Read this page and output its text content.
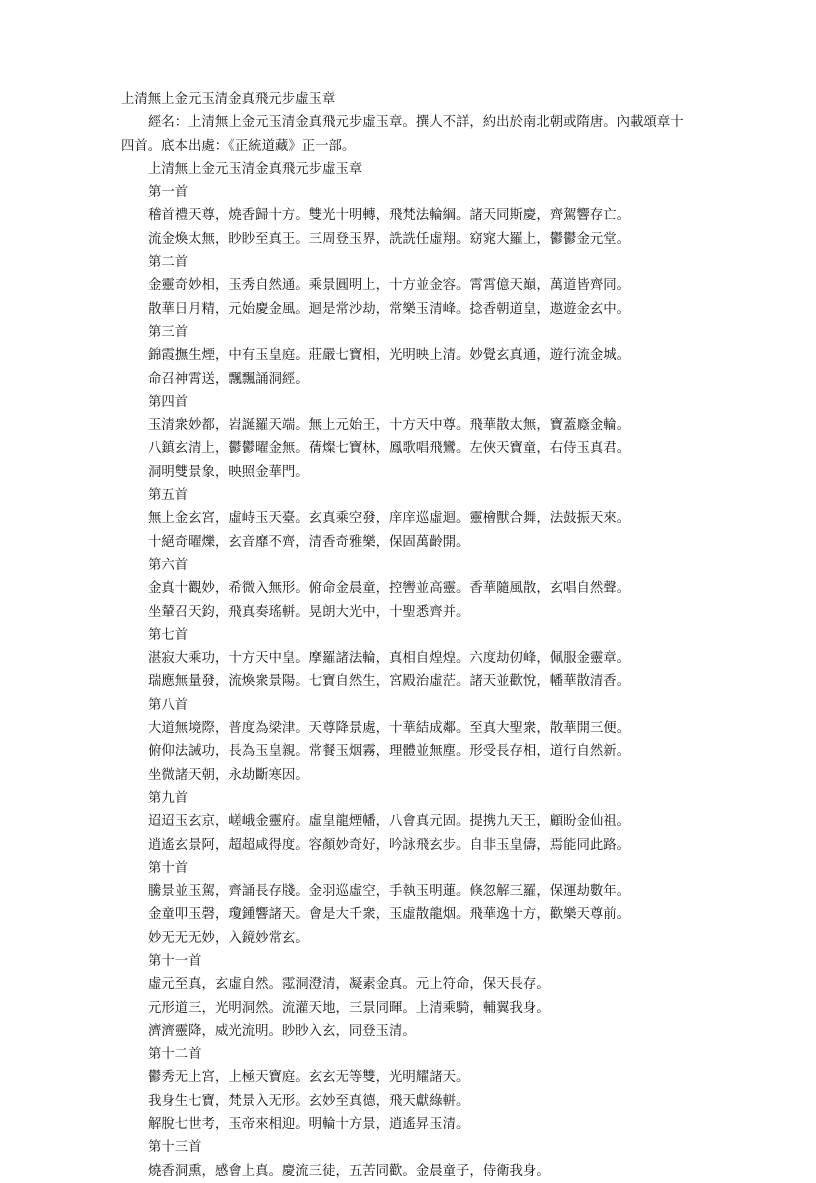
上清無上金元玉清金真飛元步虛玉章

經名：上清無上金元玉清金真飛元步虛玉章。撰人不詳，約出於南北朝或隋唐。內載頌章十四首。底本出處：《正統道藏》正一部。

上清無上金元玉清金真飛元步虛玉章

第一首

稽首禮天尊，燒香歸十方。雙光十明轉，飛梵法輪綱。諸天同斯慶，齊駕響存亡。

流金煥太無，眇眇至真王。三周登玉界，詵詵任虛翔。窈窕大羅上，鬱鬱金元堂。

第二首

金靈奇妙相，玉秀自然通。乘景圓明上，十方並金容。霄霄億天巔，萬道皆齊同。

散華日月精，元始慶金風。迴是常沙劫，常樂玉清峰。捻香朝道皇，遨遊金玄中。

第三首

錦霞撫生煙，中有玉皇庭。莊嚴七寶相，光明映上清。妙覺玄真通，遊行流金城。

命召神霄送，飄飄誦洞經。

第四首

玉清衆妙都，岧誕羅天端。無上元始王，十方天中尊。飛華散太無，寶蓋廕金輪。

八鎮玄清上，鬱鬱曜金無。蒨燦七寶林，鳳歌唱飛鸞。左俠天寶童，右侍玉真君。

洞明雙景象，映照金華門。

第五首

無上金玄宮，虛峙玉天臺。玄真乘空發，庠庠巡虛迴。靈檜獸合舞，法鼓振天來。

十絕奇曜爍，玄音靡不齊，清香奇雅樂，保固萬齡開。

第六首

金真十觀妙，希微入無形。俯命金晨童，控轡並高靈。香華隨風散，玄唱自然聲。

坐輦召天鈞，飛真奏瑤軿。晃朗大光中，十聖悉齊并。

第七首

湛寂大乘功，十方天中皇。摩羅諸法輪，真相自煌煌。六度劫仞峰，佩服金靈章。

瑞應無量發，流煥衆景陽。七寶自然生，宮殿治虛茫。諸天並歡悅，幡華散清香。

第八首

大道無境際，普度為梁津。天尊降景處，十華結成鄰。至真大聖衆，散華開三便。

俯仰法誡功，長為玉皇親。常餐玉烟霧，理體並無塵。形受長存相，道行自然新。

坐微諸天朝，永劫斷寒因。

第九首

迢迢玉玄京，嵯峨金靈府。虛皇龍煙幡，八會真元固。提携九天王，顧盼金仙祖。

逍遙玄景阿，超超咸得度。容顏妙奇好，吟詠飛玄步。自非玉皇儔，焉能同此路。

第十首

騰景並玉駕，齊誦長存牋。金羽巡虛空，手執玉明蓮。倏忽解三羅，保運劫數年。

金童叩玉磬，瓊鍾響諸天。會是大千衆，玉虛散龍烟。飛華逸十方，歡樂天尊前。

妙无无无妙，入鏡妙常玄。

第十一首

虛元至真，玄虛自然。霐洞澄清，凝素金真。元上符命，保天長存。

元形道三，光明洞然。流灌天地，三景同暉。上清乘騎，輔翼我身。

濟濟靈降，威光流明。眇眇入玄，同登玉清。

第十二首

鬱秀无上宮，上極天寶庭。玄玄无等雙，光明耀諸天。

我身生七寶，梵景入无形。玄妙至真德，飛天獻綠軿。

解脫七世考，玉帝來相迎。明輪十方景，逍遙昇玉清。

第十三首

燒香洞熏，感會上真。慶流三徒，五苦同歡。金晨童子，侍衛我身。
